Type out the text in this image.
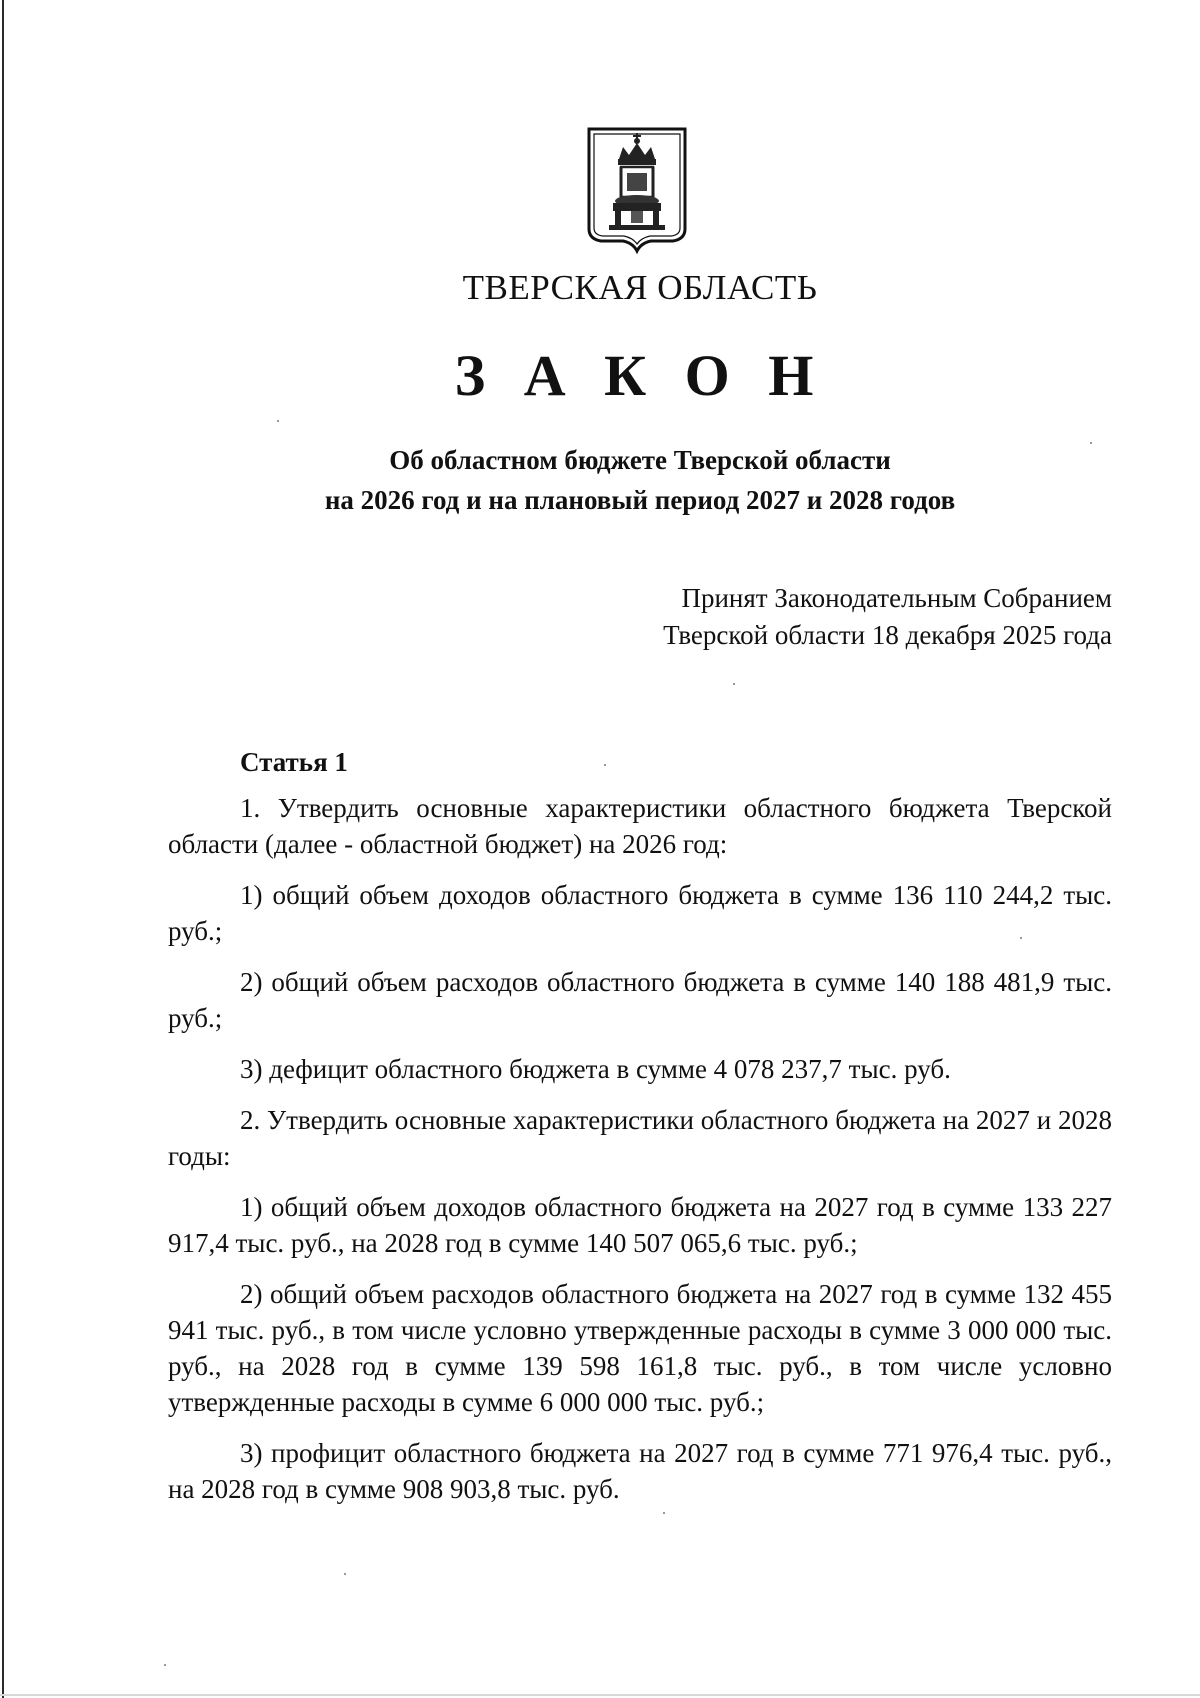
ТВЕРСКАЯ ОБЛАСТЬ
З А К О Н
Об областном бюджете Тверской области
на 2026 год и на плановый период 2027 и 2028 годов
Принят Законодательным Собранием
Тверской области 18 декабря 2025 года
Статья 1

1. Утвердить основные характеристики областного бюджета Тверской области (далее - областной бюджет) на 2026 год:

1) общий объем доходов областного бюджета в сумме 136 110 244,2 тыс. руб.;

2) общий объем расходов областного бюджета в сумме 140 188 481,9 тыс. руб.;

3) дефицит областного бюджета в сумме 4 078 237,7 тыс. руб.

2. Утвердить основные характеристики областного бюджета на 2027 и 2028 годы:

1) общий объем доходов областного бюджета на 2027 год в сумме 133 227 917,4 тыс. руб., на 2028 год в сумме 140 507 065,6 тыс. руб.;

2) общий объем расходов областного бюджета на 2027 год в сумме 132 455 941 тыс. руб., в том числе условно утвержденные расходы в сумме 3 000 000 тыс. руб., на 2028 год в сумме 139 598 161,8 тыс. руб., в том числе условно утвержденные расходы в сумме 6 000 000 тыс. руб.;

3) профицит областного бюджета на 2027 год в сумме 771 976,4 тыс. руб., на 2028 год в сумме 908 903,8 тыс. руб.
